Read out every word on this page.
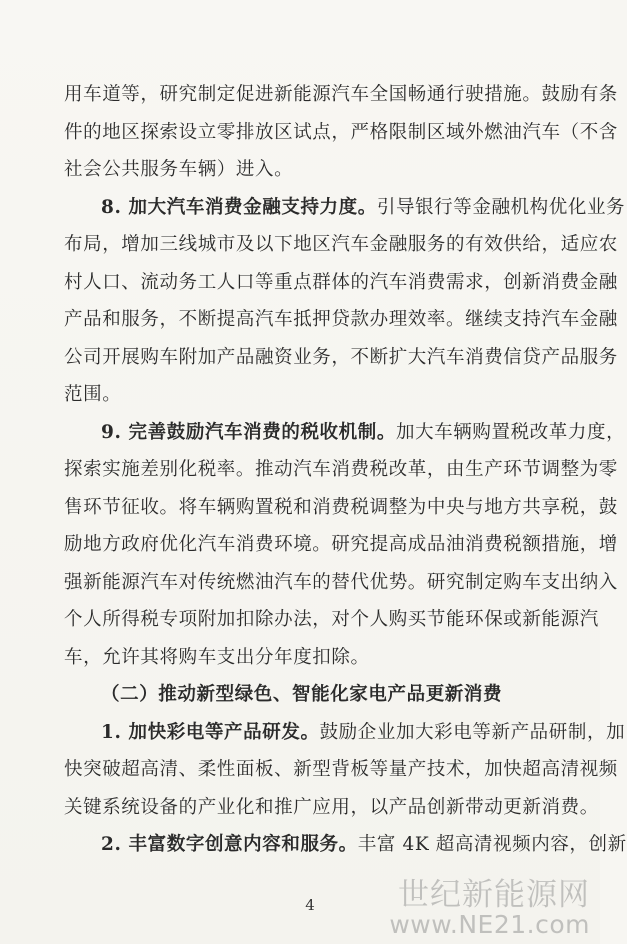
用车道等，研究制定促进新能源汽车全国畅通行驶措施。鼓励有条
件的地区探索设立零排放区试点，严格限制区域外燃油汽车（不含
社会公共服务车辆）进入。
8. 加大汽车消费金融支持力度。引导银行等金融机构优化业务
布局，增加三线城市及以下地区汽车金融服务的有效供给，适应农
村人口、流动务工人口等重点群体的汽车消费需求，创新消费金融
产品和服务，不断提高汽车抵押贷款办理效率。继续支持汽车金融
公司开展购车附加产品融资业务，不断扩大汽车消费信贷产品服务
范围。
9. 完善鼓励汽车消费的税收机制。加大车辆购置税改革力度，
探索实施差别化税率。推动汽车消费税改革，由生产环节调整为零
售环节征收。将车辆购置税和消费税调整为中央与地方共享税，鼓
励地方政府优化汽车消费环境。研究提高成品油消费税额措施，增
强新能源汽车对传统燃油汽车的替代优势。研究制定购车支出纳入
个人所得税专项附加扣除办法，对个人购买节能环保或新能源汽
车，允许其将购车支出分年度扣除。
（二）推动新型绿色、智能化家电产品更新消费
1. 加快彩电等产品研发。鼓励企业加大彩电等新产品研制，加
快突破超高清、柔性面板、新型背板等量产技术，加快超高清视频
关键系统设备的产业化和推广应用，以产品创新带动更新消费。
2. 丰富数字创意内容和服务。丰富 4K 超高清视频内容，创新
4	世纪新能源网
www.NE21.com
